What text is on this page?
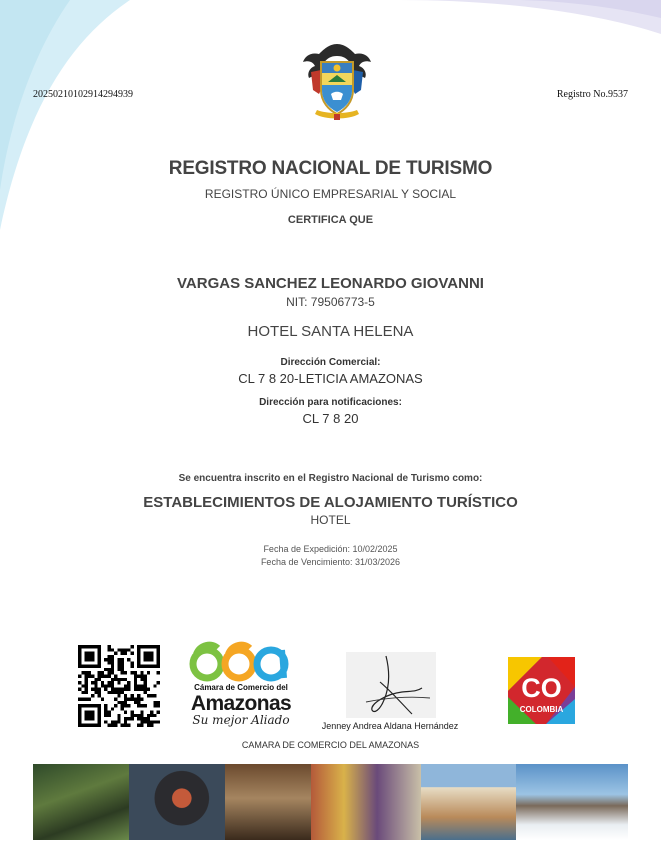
20250210102914294939	Registro No.9537
REGISTRO NACIONAL DE TURISMO
REGISTRO ÚNICO EMPRESARIAL Y SOCIAL
CERTIFICA QUE
VARGAS SANCHEZ LEONARDO GIOVANNI
NIT: 79506773-5
HOTEL SANTA HELENA
Dirección Comercial:
CL 7 8 20-LETICIA AMAZONAS
Dirección para notificaciones:
CL 7 8 20
Se encuentra inscrito en el Registro Nacional de Turismo como:
ESTABLECIMIENTOS DE ALOJAMIENTO TURÍSTICO
HOTEL
Fecha de Expedición: 10/02/2025
Fecha de Vencimiento: 31/03/2026
Cámara de Comercio del
Amazonas
Su mejor Aliado	Jenney Andrea Aldana Hernández
CAMARA DE COMERCIO DEL AMAZONAS
CO
COLOMBIA
